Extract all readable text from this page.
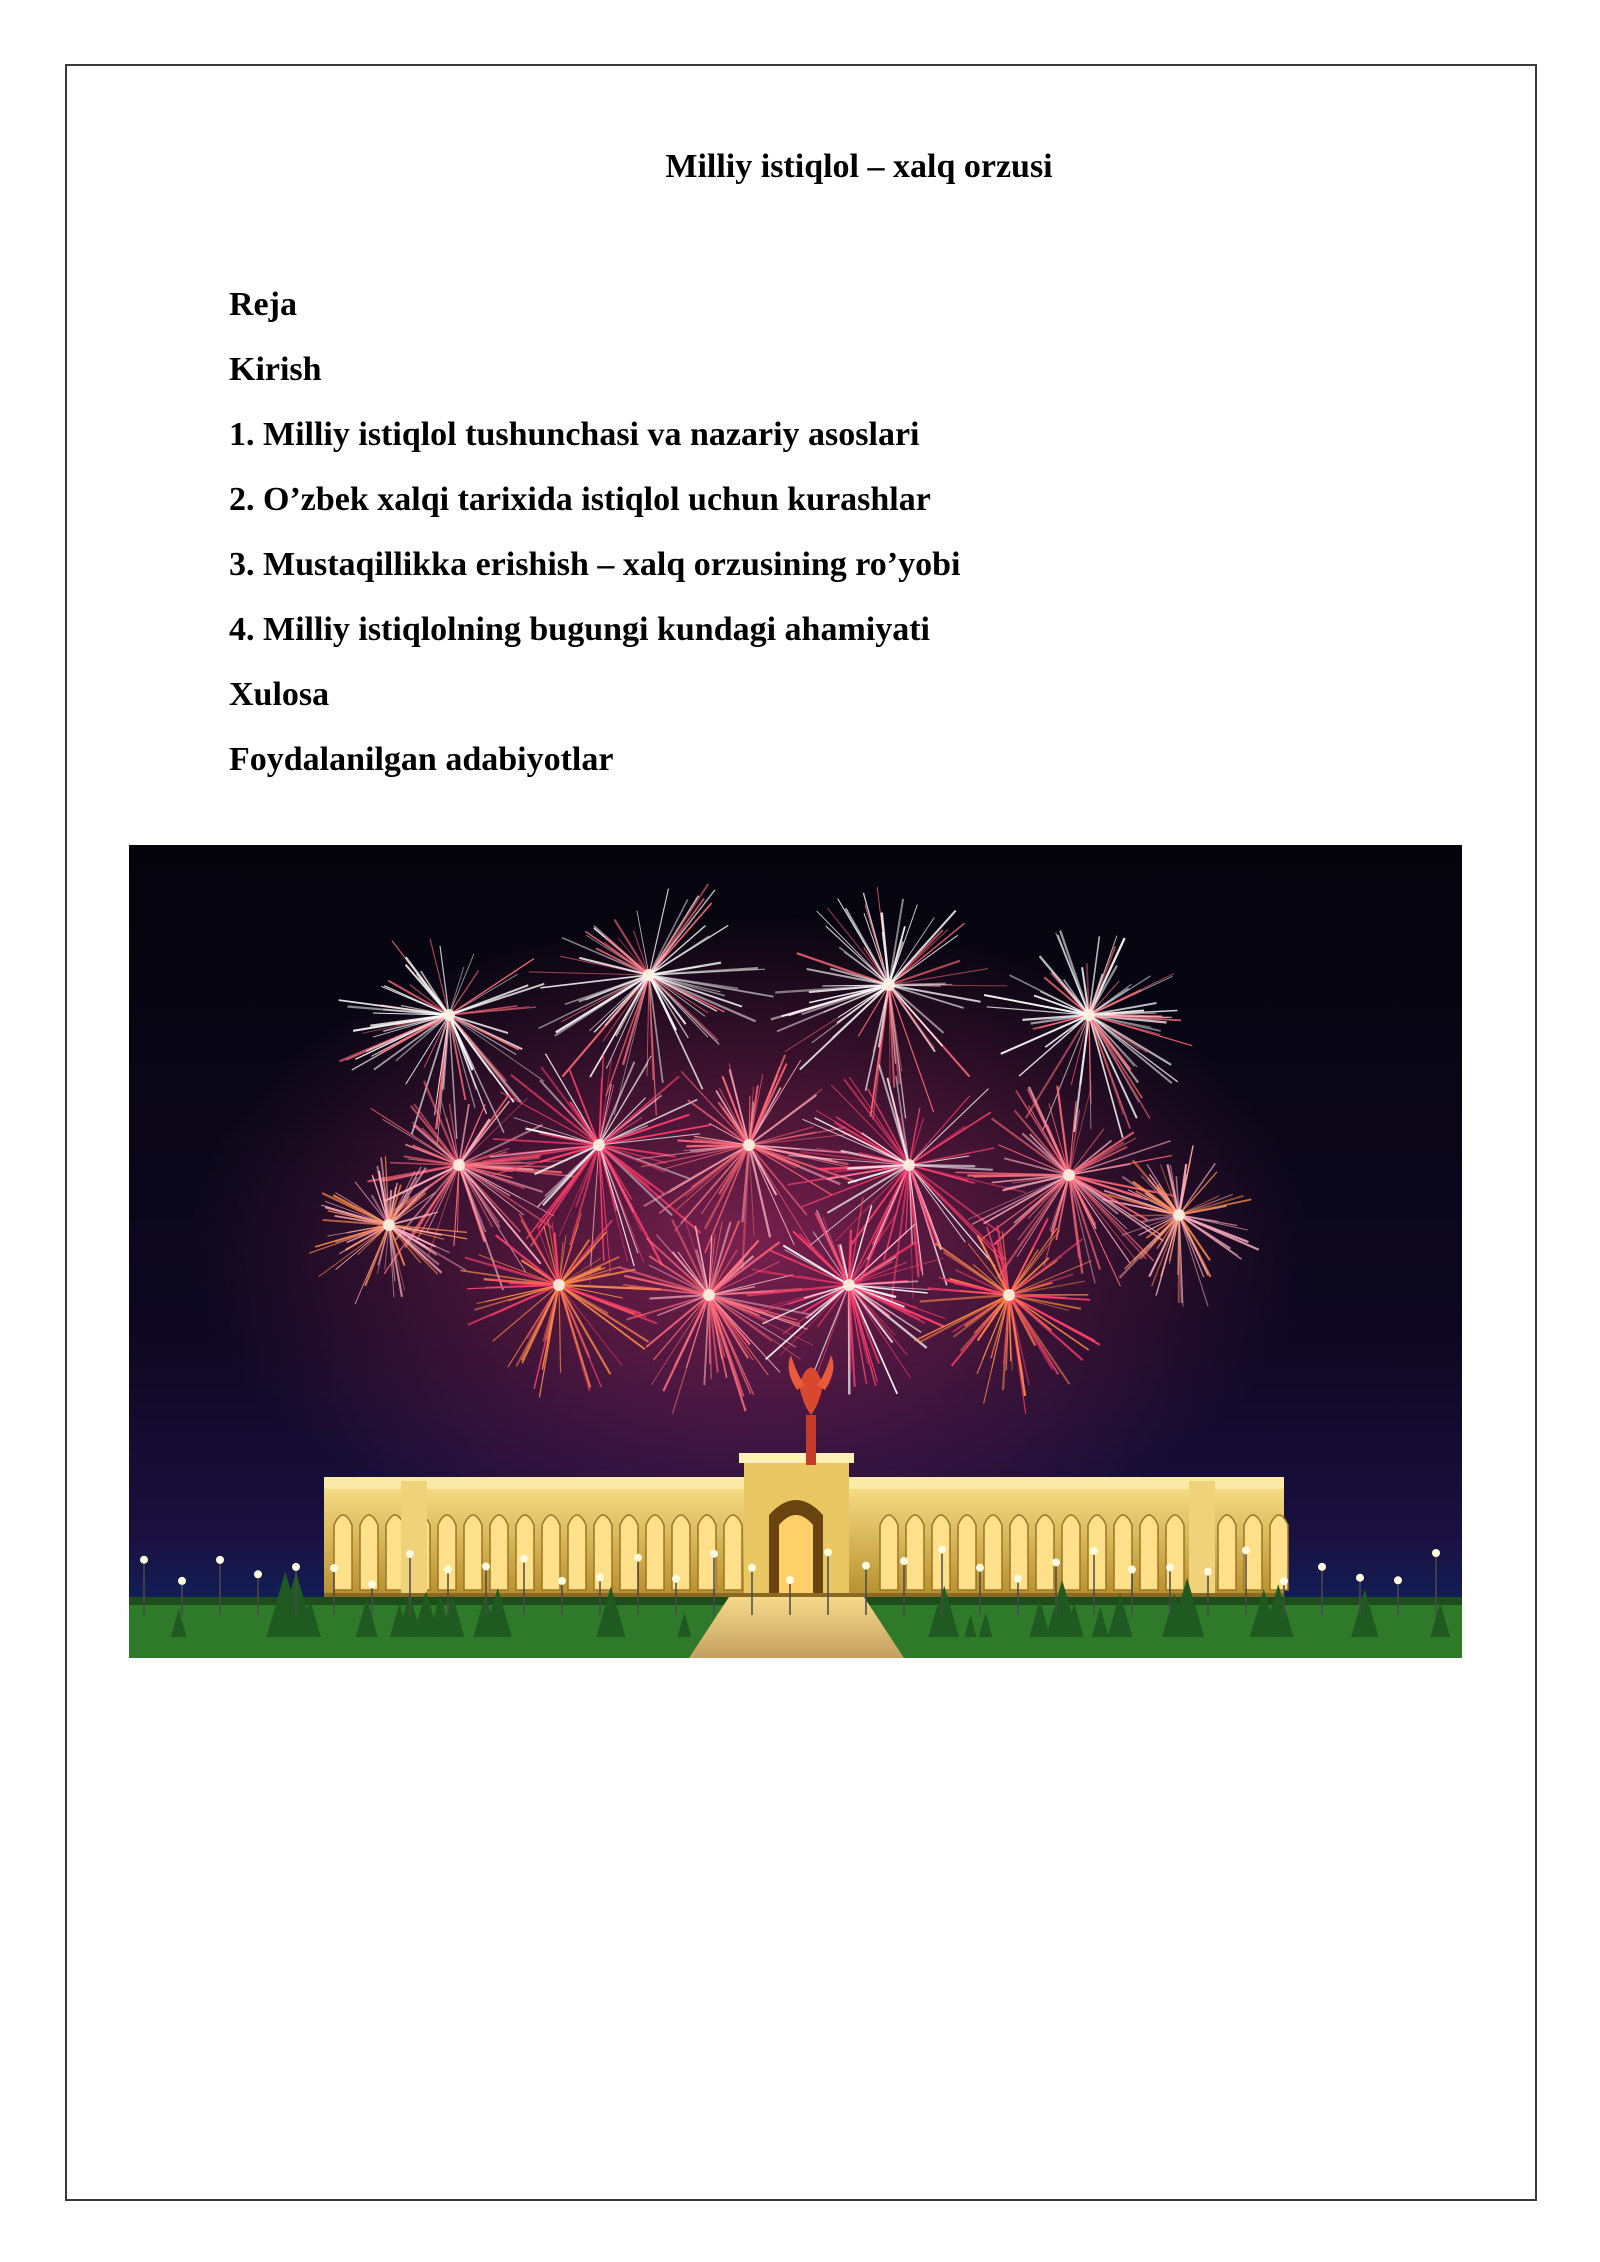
Milliy istiqlol – xalq orzusi
Reja
Kirish
1. Milliy istiqlol tushunchasi va nazariy asoslari
2. O’zbek xalqi tarixida istiqlol uchun kurashlar
3. Mustaqillikka erishish – xalq orzusining ro’yobi
4. Milliy istiqlolning bugungi kundagi ahamiyati
Xulosa
Foydalanilgan adabiyotlar
